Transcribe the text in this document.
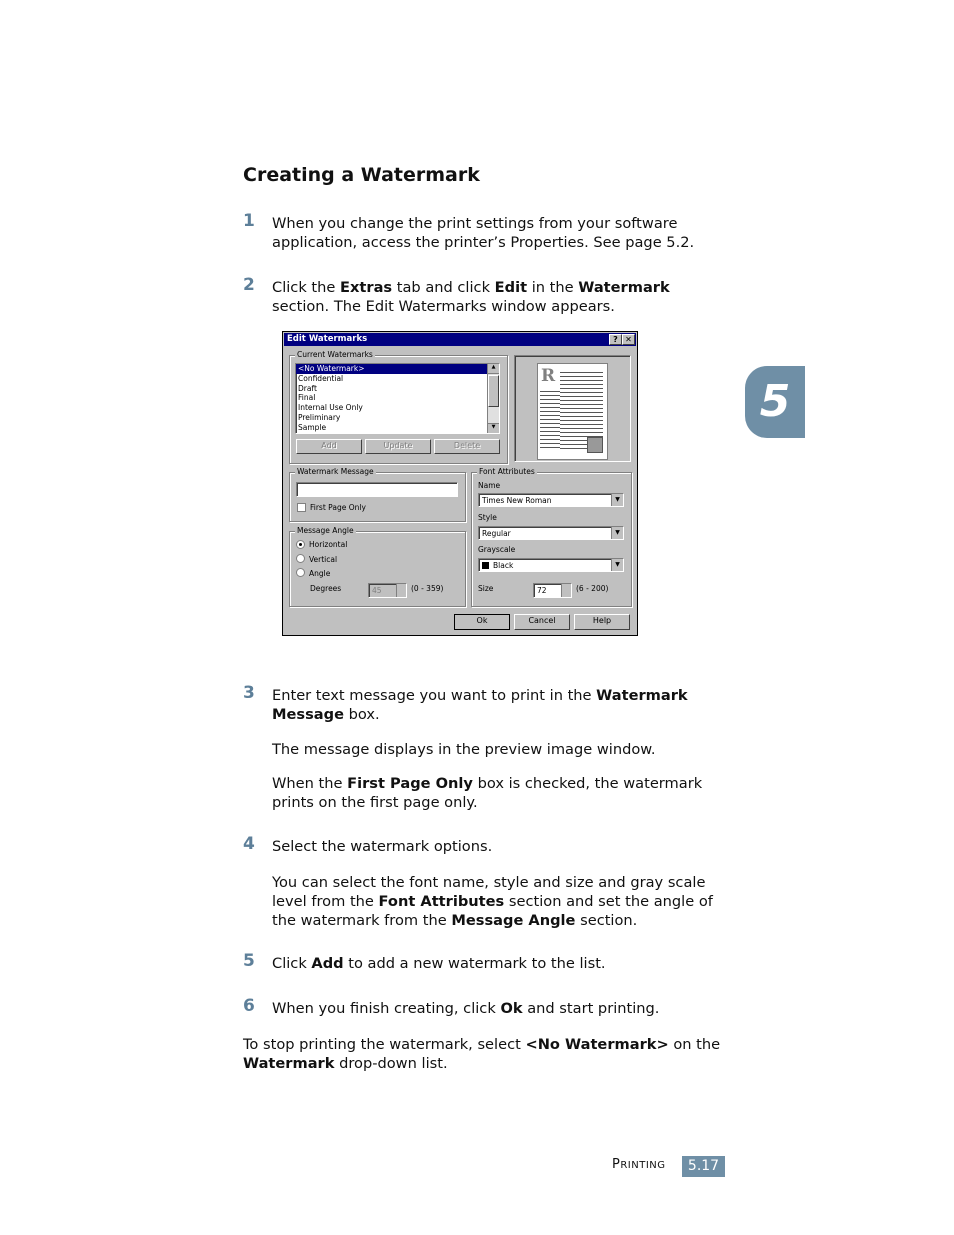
Creating a Watermark
1 When you change the print settings from your software application, access the printer’s Properties. See page 5.2.

2 Click the Extras tab and click Edit in the Watermark section. The Edit Watermarks window appears.

Edit Watermarks	? ✕
Current Watermarks
<No Watermark>
Confidential
Draft
Final
Internal Use Only
Preliminary
Sample
▲
▼
Add	Update	Delete
R
Watermark Message
First Page Only
Message Angle
Horizontal
Vertical
Angle
Degrees	45	(0 - 359)
Font Attributes
Name
Times New Roman	▼
Style
Regular	▼
Grayscale
Black	▼
Size	72	(6 - 200)
Ok	Cancel	Help
3 Enter text message you want to print in the Watermark Message box.

The message displays in the preview image window.

When the First Page Only box is checked, the watermark prints on the first page only.

4 Select the watermark options.

You can select the font name, style and size and gray scale level from the Font Attributes section and set the angle of the watermark from the Message Angle section.

5 Click Add to add a new watermark to the list.

6 When you finish creating, click Ok and start printing.

To stop printing the watermark, select <No Watermark> on the Watermark drop-down list.

5
PRINTING	5.17
